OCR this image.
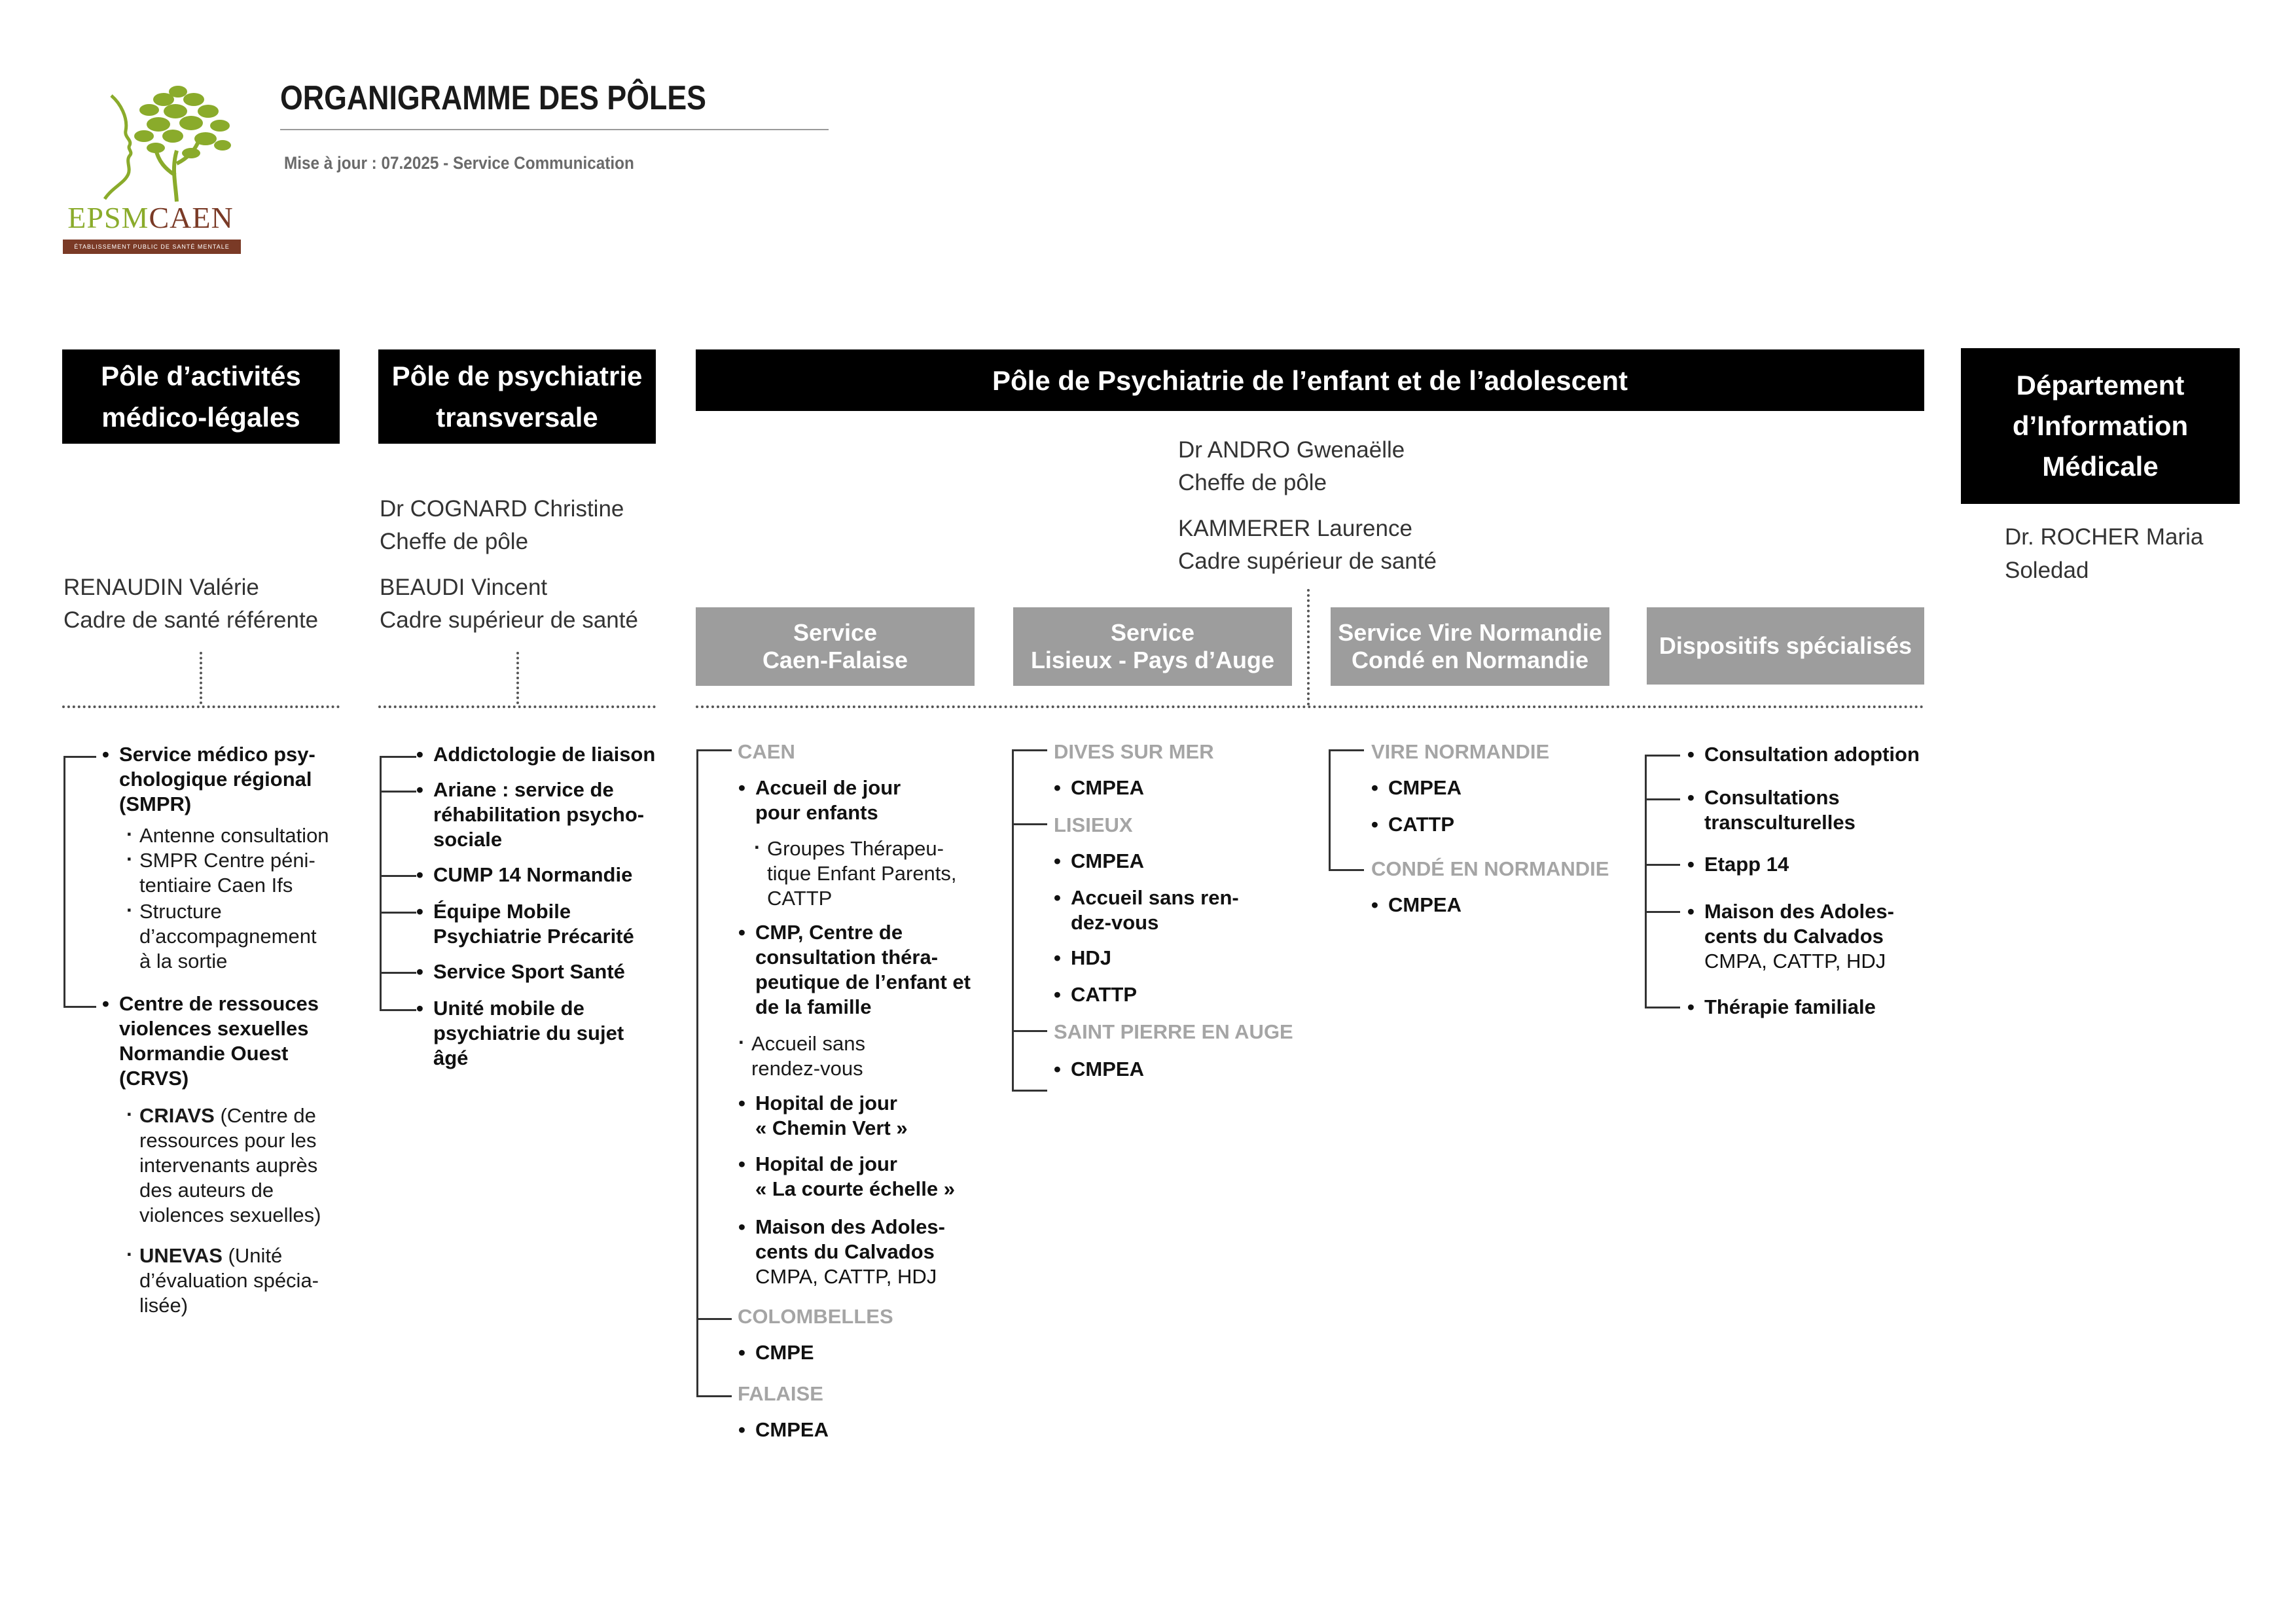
EPSMCAEN
ÉTABLISSEMENT PUBLIC DE SANTÉ MENTALE
ORGANIGRAMME DES PÔLES
Mise à jour : 07.2025 - Service Communication
Pôle d’activités
médico-légales
RENAUDIN Valérie
Cadre de santé référente
•
Service médico psy-
chologique régional
(SMPR)
·
Antenne consultation
·
SMPR Centre péni-
tentiaire Caen Ifs
·
Structure
d’accompagnement
à la sortie
•
Centre de ressouces
violences sexuelles
Normandie Ouest
(CRVS)
·
CRIAVS (Centre de
ressources pour les
intervenants auprès
des auteurs de
violences sexuelles)
·
UNEVAS (Unité
d’évaluation spécia-
lisée)
Pôle de psychiatrie
transversale
Dr COGNARD Christine
Cheffe de pôle
BEAUDI Vincent
Cadre supérieur de santé
•
Addictologie de liaison
•
Ariane : service de
réhabilitation psycho-
sociale
•
CUMP 14 Normandie
•
Équipe Mobile
Psychiatrie Précarité
•
Service Sport Santé
•
Unité mobile de
psychiatrie du sujet
âgé
Pôle de Psychiatrie de l’enfant et de l’adolescent
Dr ANDRO Gwenaëlle
Cheffe de pôle
KAMMERER Laurence
Cadre supérieur de santé
Service
Caen-Falaise
Service
Lisieux - Pays d’Auge
Service Vire Normandie
Condé en Normandie
Dispositifs spécialisés
CAEN
•
Accueil de jour
pour enfants
·
Groupes Thérapeu-
tique Enfant Parents,
CATTP
•
CMP, Centre de
consultation théra-
peutique de l’enfant et
de la famille
·
Accueil sans
rendez-vous
•
Hopital de jour
« Chemin Vert »
•
Hopital de jour
« La courte échelle »
•
Maison des Adoles-
cents du Calvados
CMPA, CATTP, HDJ
COLOMBELLES
•
CMPE
FALAISE
•
CMPEA
DIVES SUR MER
•
CMPEA
LISIEUX
•
CMPEA
•
Accueil sans ren-
dez-vous
•
HDJ
•
CATTP
SAINT PIERRE EN AUGE
•
CMPEA
VIRE NORMANDIE
•
CMPEA
•
CATTP
CONDÉ EN NORMANDIE
•
CMPEA
•
Consultation adoption
•
Consultations
transculturelles
•
Etapp 14
•
Maison des Adoles-
cents du Calvados
CMPA, CATTP, HDJ
•
Thérapie familiale
Département
d’Information
Médicale
Dr. ROCHER Maria
Soledad
